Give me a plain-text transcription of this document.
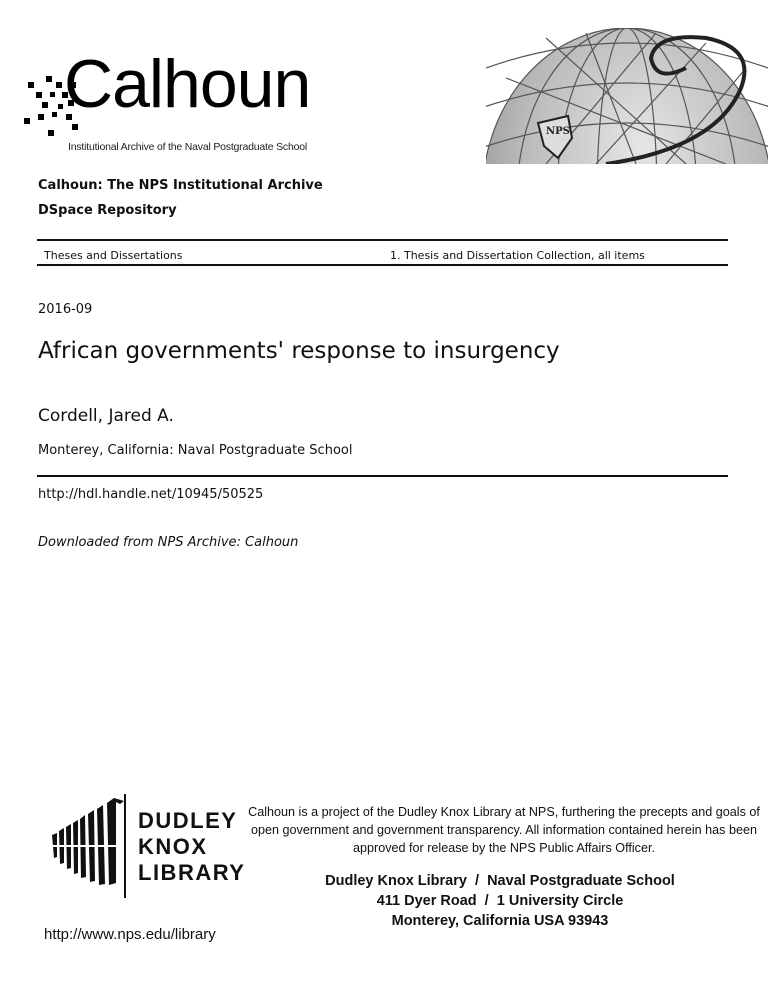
Calhoun
Institutional Archive of the Naval Postgraduate School
NPS
Calhoun: The NPS Institutional Archive
DSpace Repository
Theses and Dissertations	1. Thesis and Dissertation Collection, all items
2016-09
African governments' response to insurgency
Cordell, Jared A.
Monterey, California: Naval Postgraduate School
http://hdl.handle.net/10945/50525
Downloaded from NPS Archive: Calhoun
DUDLEY
KNOX
LIBRARY
http://www.nps.edu/library
Calhoun is a project of the Dudley Knox Library at NPS, furthering the precepts and goals of open government and government transparency. All information contained herein has been approved for release by the NPS Public Affairs Officer.
Dudley Knox Library  /  Naval Postgraduate School
411 Dyer Road  /  1 University Circle
Monterey, California USA 93943
